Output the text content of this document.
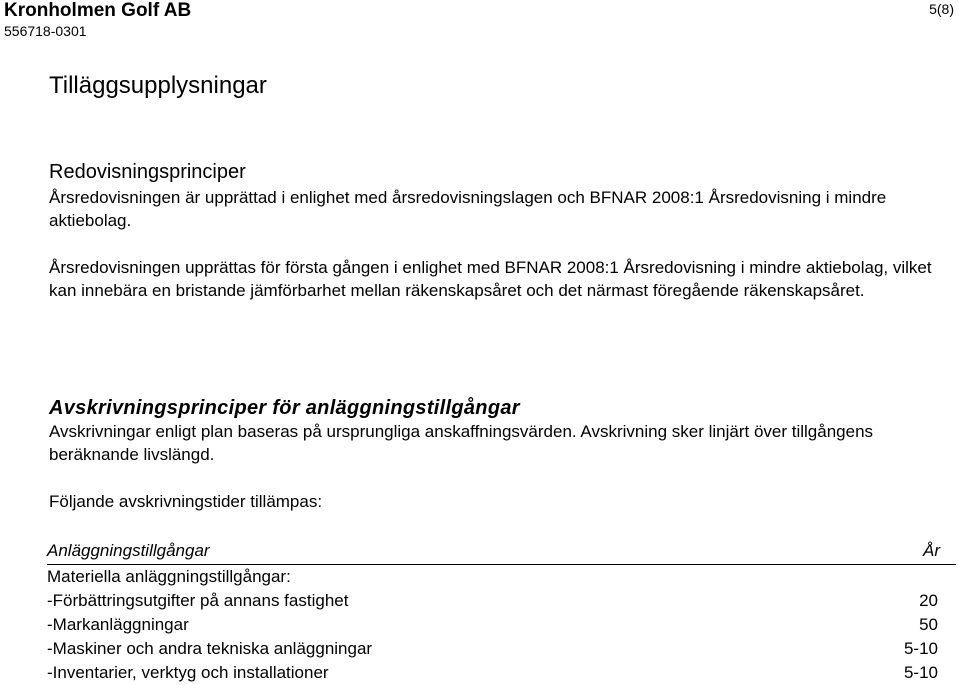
Kronholmen Golf AB
556718-0301
5(8)
Tilläggsupplysningar
Redovisningsprinciper
Årsredovisningen är upprättad i enlighet med årsredovisningslagen och BFNAR 2008:1 Årsredovisning i mindre aktiebolag.
Årsredovisningen upprättas för första gången i enlighet med BFNAR 2008:1 Årsredovisning i mindre aktiebolag, vilket kan innebära en bristande jämförbarhet mellan räkenskapsåret och det närmast föregående räkenskapsåret.
Avskrivningsprinciper för anläggningstillgångar
Avskrivningar enligt plan baseras på ursprungliga anskaffningsvärden. Avskrivning sker linjärt över tillgångens beräknande livslängd.
Följande avskrivningstider tillämpas:
Anläggningstillgångar	År
Materiella anläggningstillgångar:
-Förbättringsutgifter på annans fastighet	20
-Markanläggningar	50
-Maskiner och andra tekniska anläggningar	5-10
-Inventarier, verktyg och installationer	5-10
